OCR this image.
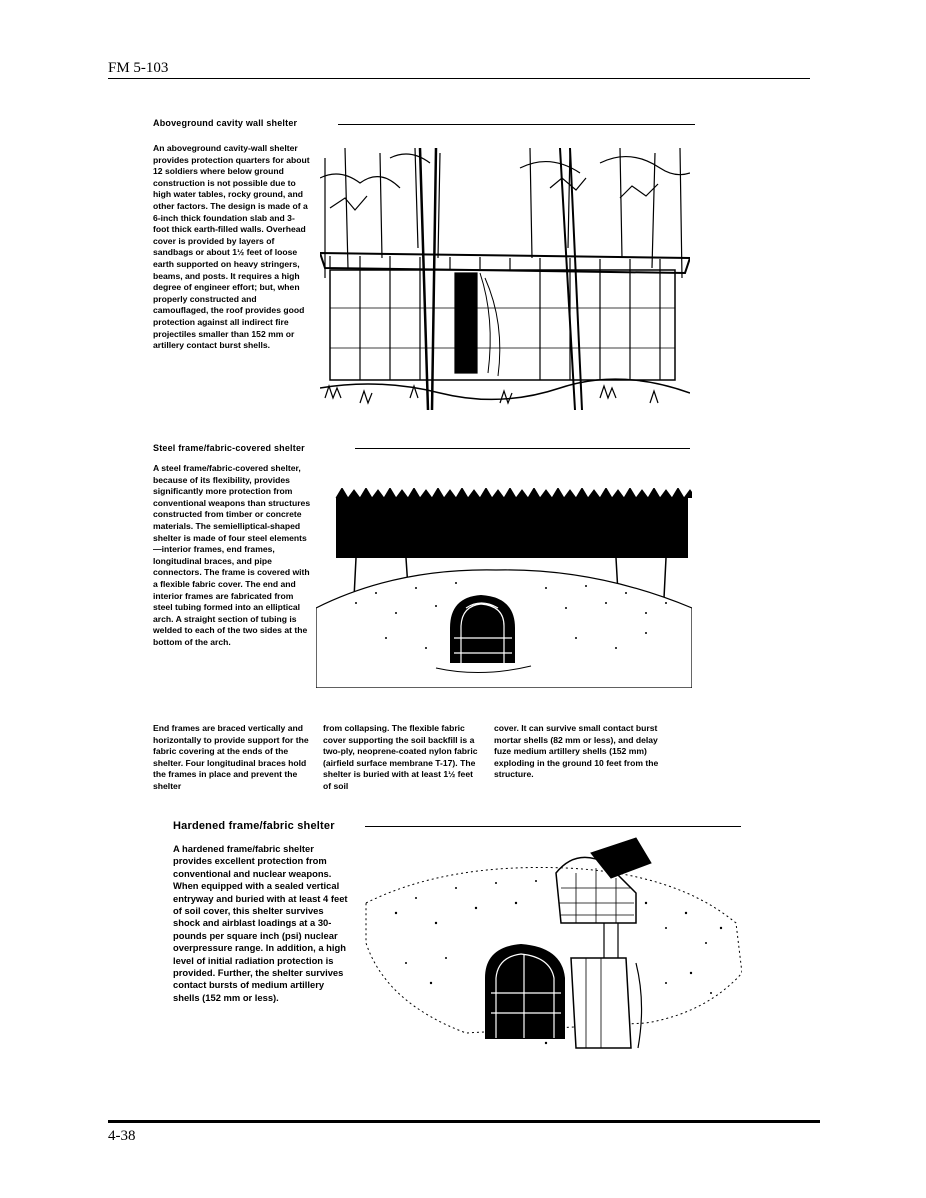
FM 5-103
Aboveground cavity wall shelter
An aboveground cavity-wall shelter provides protection quarters for about 12 soldiers where below ground construction is not possible due to high water tables, rocky ground, and other factors. The design is made of a 6-inch thick foundation slab and 3-foot thick earth-filled walls. Overhead cover is provided by layers of sandbags or about 1½ feet of loose earth supported on heavy stringers, beams, and posts. It requires a high degree of engineer effort; but, when properly constructed and camouflaged, the roof provides good protection against all indirect fire projectiles smaller than 152 mm or artillery contact burst shells.
Steel frame/fabric-covered shelter
A steel frame/fabric-covered shelter, because of its flexibility, provides significantly more protection from conventional weapons than structures constructed from timber or concrete materials. The semielliptical-shaped shelter is made of four steel elements—interior frames, end frames, longitudinal braces, and pipe connectors. The frame is covered with a flexible fabric cover. The end and interior frames are fabricated from steel tubing formed into an elliptical arch. A straight section of tubing is welded to each of the two sides at the bottom of the arch.
End frames are braced vertically and horizontally to provide support for the fabric covering at the ends of the shelter. Four longitudinal braces hold the frames in place and prevent the shelter
from collapsing. The flexible fabric cover supporting the soil backfill is a two-ply, neoprene-coated nylon fabric (airfield surface membrane T-17). The shelter is buried with at least 1½ feet of soil
cover. It can survive small contact burst mortar shells (82 mm or less), and delay fuze medium artillery shells (152 mm) exploding in the ground 10 feet from the structure.
Hardened frame/fabric shelter
A hardened frame/fabric shelter provides excellent protection from conventional and nuclear weapons. When equipped with a sealed vertical entryway and buried with at least 4 feet of soil cover, this shelter survives shock and airblast loadings at a 30-pounds per square inch (psi) nuclear overpressure range. In addition, a high level of initial radiation protection is provided. Further, the shelter survives contact bursts of medium artillery shells (152 mm or less).
4-38
